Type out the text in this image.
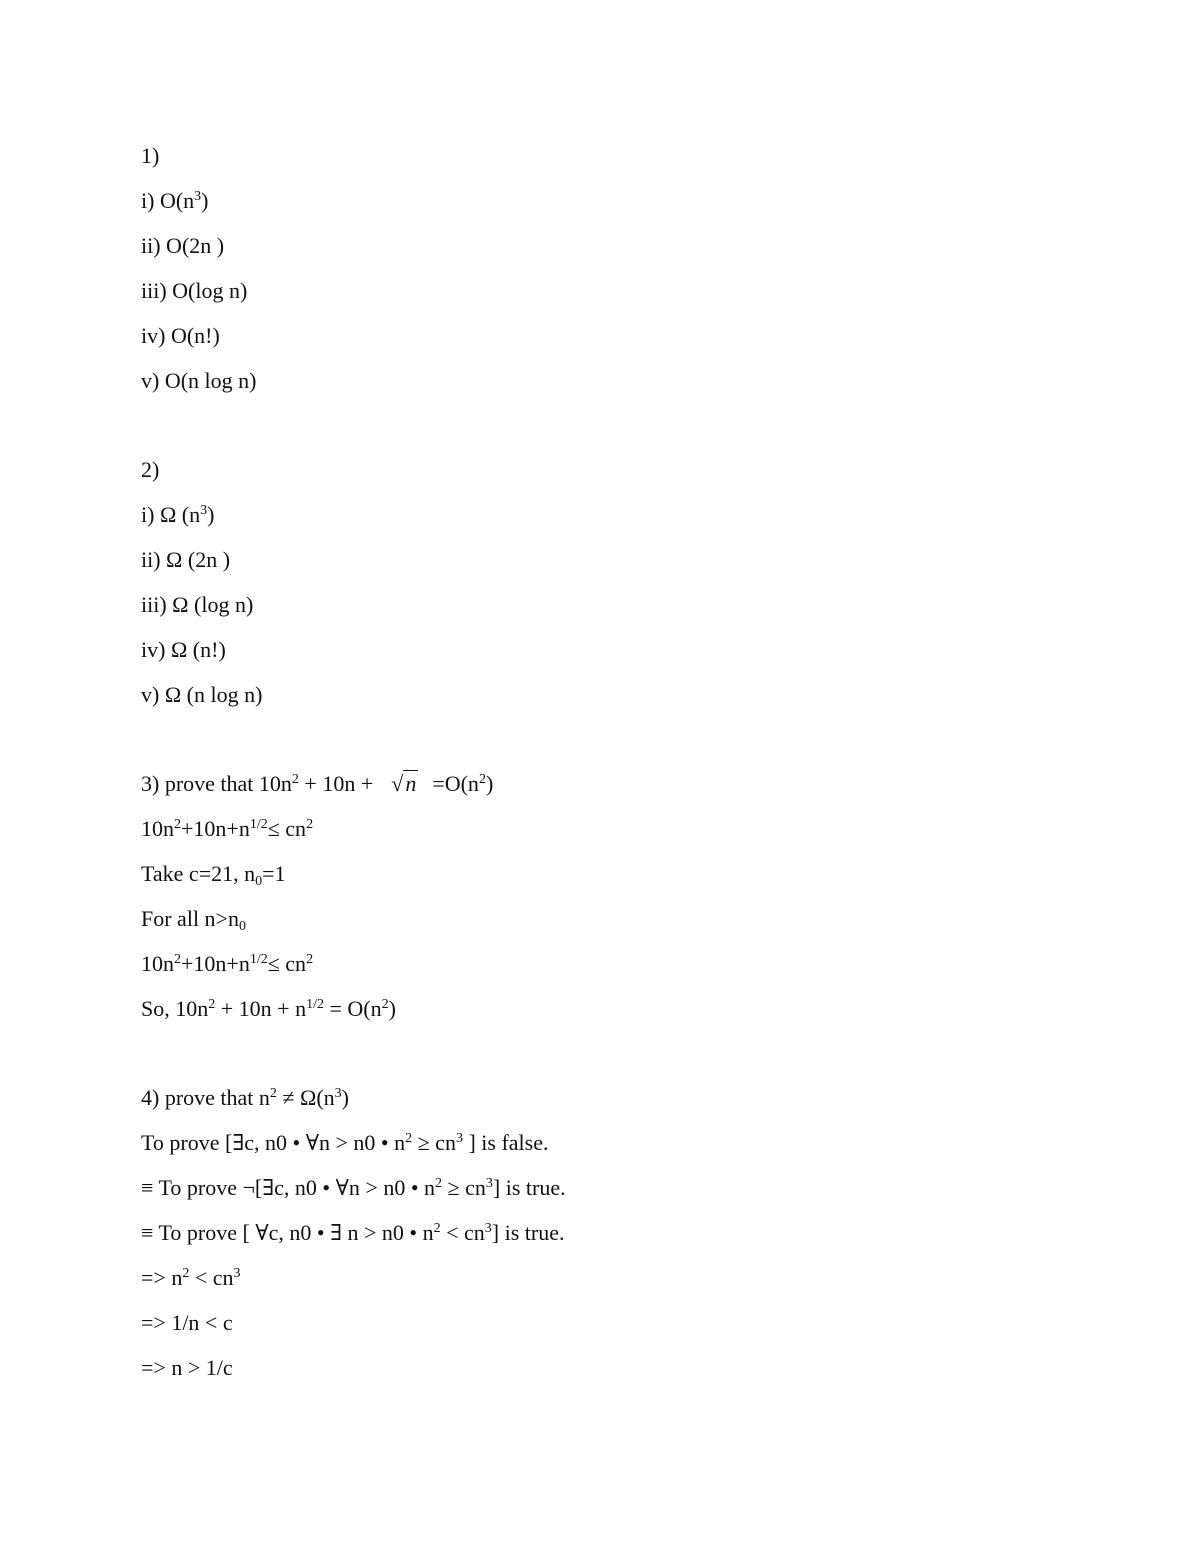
1)
i) $O(n^3)$
ii) O(2n )
iii) O(log n)
iv) O(n!)
v) O(n log n)
2)
i) Ω $(n^3)$
ii) Ω (2n )
iii) Ω (log n)
iv) Ω (n!)
v) Ω (n log n)
3) prove that $10n^2 + 10n + √n =O(n^2)$
$10n^2+10n+n^{1/2}\le cn^2$
Take c=21, $n_0=1$
For all $n>n_0$
$10n^2+10n+n^{1/2}\le cn^2$
So, $10n^2 + 10n + n^{1/2} = O(n^2)$
4) prove that $n^2 \ne \Omega(n^3)$
To prove [∃c, n0 • ∀n > n0 • $n^2 \ge cn^3$ ] is false.
≡ To prove ¬[∃c, n0 • ∀n > n0 • $n^2 \ge cn^3$] is true.
≡ To prove [ ∀c, n0 • ∃ n > n0 • $n^2 < cn^3$] is true.
=> $n^2 < cn^3$
=> 1/n < c
=> n > 1/c
